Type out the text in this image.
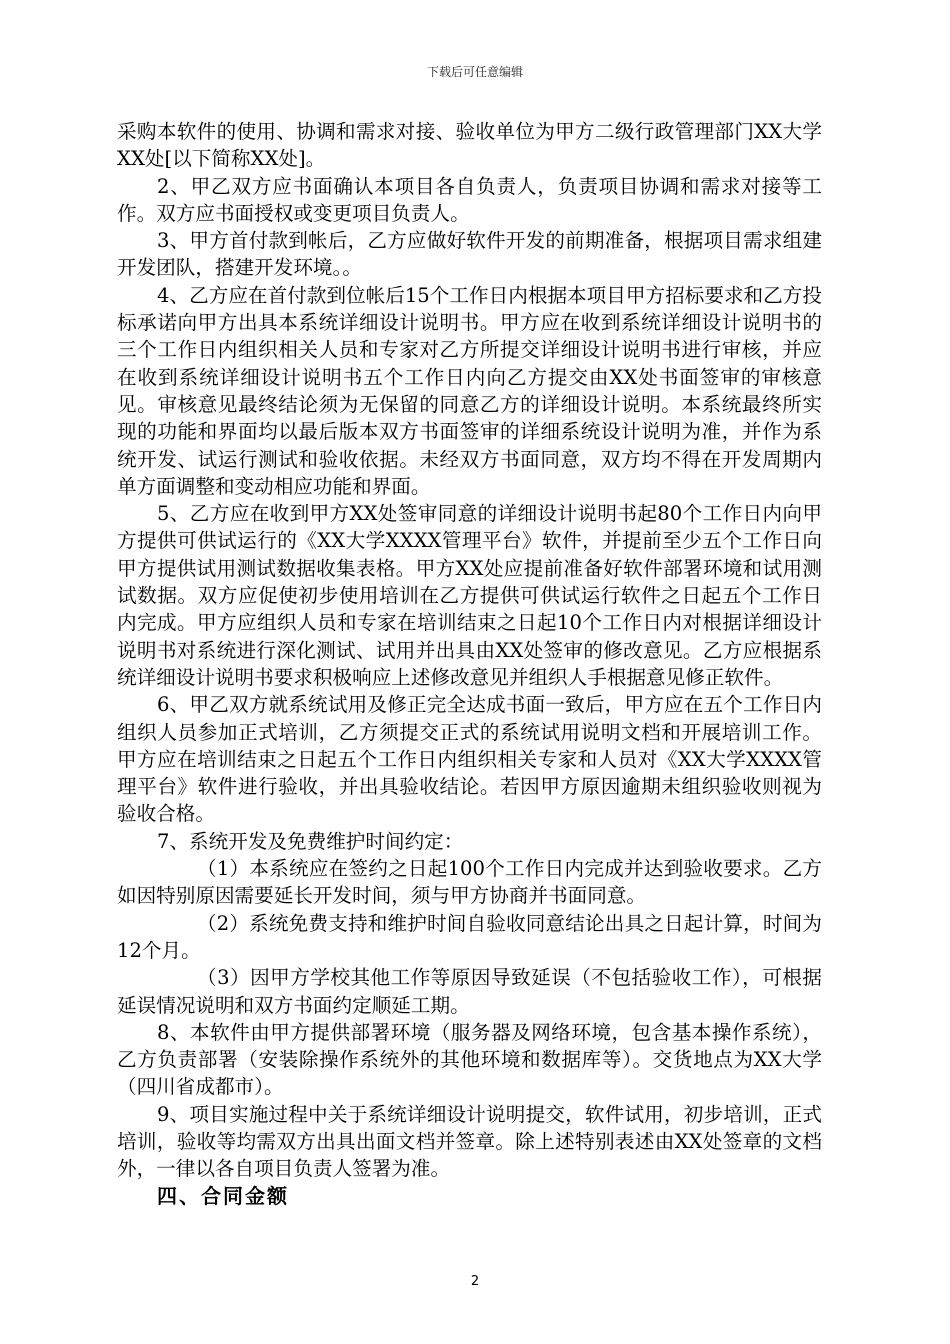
下载后可任意编辑

采购本软件的使用、协调和需求对接、验收单位为甲方二级行政管理部门XX大学XX处[以下简称XX处]。

2、甲乙双方应书面确认本项目各自负责人，负责项目协调和需求对接等工作。双方应书面授权或变更项目负责人。

3、甲方首付款到帐后，乙方应做好软件开发的前期准备，根据项目需求组建开发团队，搭建开发环境。。

4、乙方应在首付款到位帐后15个工作日内根据本项目甲方招标要求和乙方投标承诺向甲方出具本系统详细设计说明书。甲方应在收到系统详细设计说明书的三个工作日内组织相关人员和专家对乙方所提交详细设计说明书进行审核，并应在收到系统详细设计说明书五个工作日内向乙方提交由XX处书面签审的审核意见。审核意见最终结论须为无保留的同意乙方的详细设计说明。本系统最终所实现的功能和界面均以最后版本双方书面签审的详细系统设计说明为准，并作为系统开发、试运行测试和验收依据。未经双方书面同意，双方均不得在开发周期内单方面调整和变动相应功能和界面。

5、乙方应在收到甲方XX处签审同意的详细设计说明书起80个工作日内向甲方提供可供试运行的《XX大学XXXX管理平台》软件，并提前至少五个工作日向甲方提供试用测试数据收集表格。甲方XX处应提前准备好软件部署环境和试用测试数据。双方应促使初步使用培训在乙方提供可供试运行软件之日起五个工作日内完成。甲方应组织人员和专家在培训结束之日起10个工作日内对根据详细设计说明书对系统进行深化测试、试用并出具由XX处签审的修改意见。乙方应根据系统详细设计说明书要求积极响应上述修改意见并组织人手根据意见修正软件。

6、甲乙双方就系统试用及修正完全达成书面一致后，甲方应在五个工作日内组织人员参加正式培训，乙方须提交正式的系统试用说明文档和开展培训工作。甲方应在培训结束之日起五个工作日内组织相关专家和人员对《XX大学XXXX管理平台》软件进行验收，并出具验收结论。若因甲方原因逾期未组织验收则视为验收合格。

7、系统开发及免费维护时间约定：

（1）本系统应在签约之日起100个工作日内完成并达到验收要求。乙方如因特别原因需要延长开发时间，须与甲方协商并书面同意。

（2）系统免费支持和维护时间自验收同意结论出具之日起计算，时间为12个月。

（3）因甲方学校其他工作等原因导致延误（不包括验收工作），可根据延误情况说明和双方书面约定顺延工期。

8、本软件由甲方提供部署环境（服务器及网络环境，包含基本操作系统），乙方负责部署（安装除操作系统外的其他环境和数据库等）。交货地点为XX大学（四川省成都市）。

9、项目实施过程中关于系统详细设计说明提交，软件试用，初步培训，正式培训，验收等均需双方出具出面文档并签章。除上述特别表述由XX处签章的文档外，一律以各自项目负责人签署为准。

四、合同金额
2
